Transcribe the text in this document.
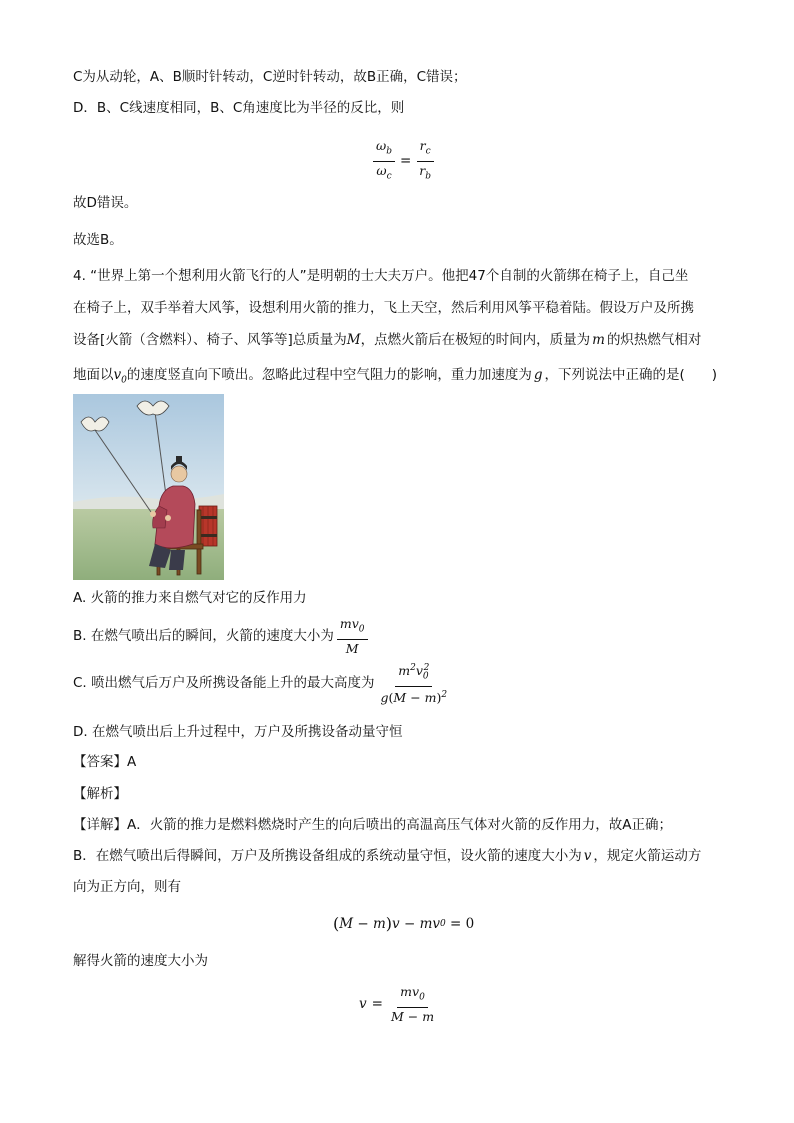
C为从动轮，A、B顺时针转动，C逆时针转动，故B正确，C错误；
D．B、C线速度相同，B、C角速度比为半径的反比，则
$\frac{\omega_b}{\omega_c} = \frac{r_c}{r_b}$
故D错误。
故选B。
4. “世界上第一个想利用火箭飞行的人”是明朝的士大夫万户。他把47个自制的火箭绑在椅子上，自己坐
在椅子上，双手举着大风筝，设想利用火箭的推力，飞上天空，然后利用风筝平稳着陆。假设万户及所携
设备[火箭（含燃料）、椅子、风筝等]总质量为M，点燃火箭后在极短的时间内，质量为 m 的炽热燃气相对
地面以$v_0$的速度竖直向下喷出。忽略此过程中空气阻力的影响，重力加速度为 g ，下列说法中正确的是(　　)
A. 火箭的推力来自燃气对它的反作用力
B. 在燃气喷出后的瞬间，火箭的速度大小为 $\frac{mv_0}{M}$
C. 喷出燃气后万户及所携设备能上升的最大高度为 $\frac{m^2v_0^2}{g(M - m)^2}$
D. 在燃气喷出后上升过程中，万户及所携设备动量守恒
【答案】A
【解析】
【详解】A．火箭的推力是燃料燃烧时产生的向后喷出的高温高压气体对火箭的反作用力，故A正确；
B．在燃气喷出后得瞬间，万户及所携设备组成的系统动量守恒，设火箭的速度大小为 v ，规定火箭运动方
向为正方向，则有
( M − m ) v − mv 0 = 0
解得火箭的速度大小为
$v = \frac{mv_0}{M - m}$
